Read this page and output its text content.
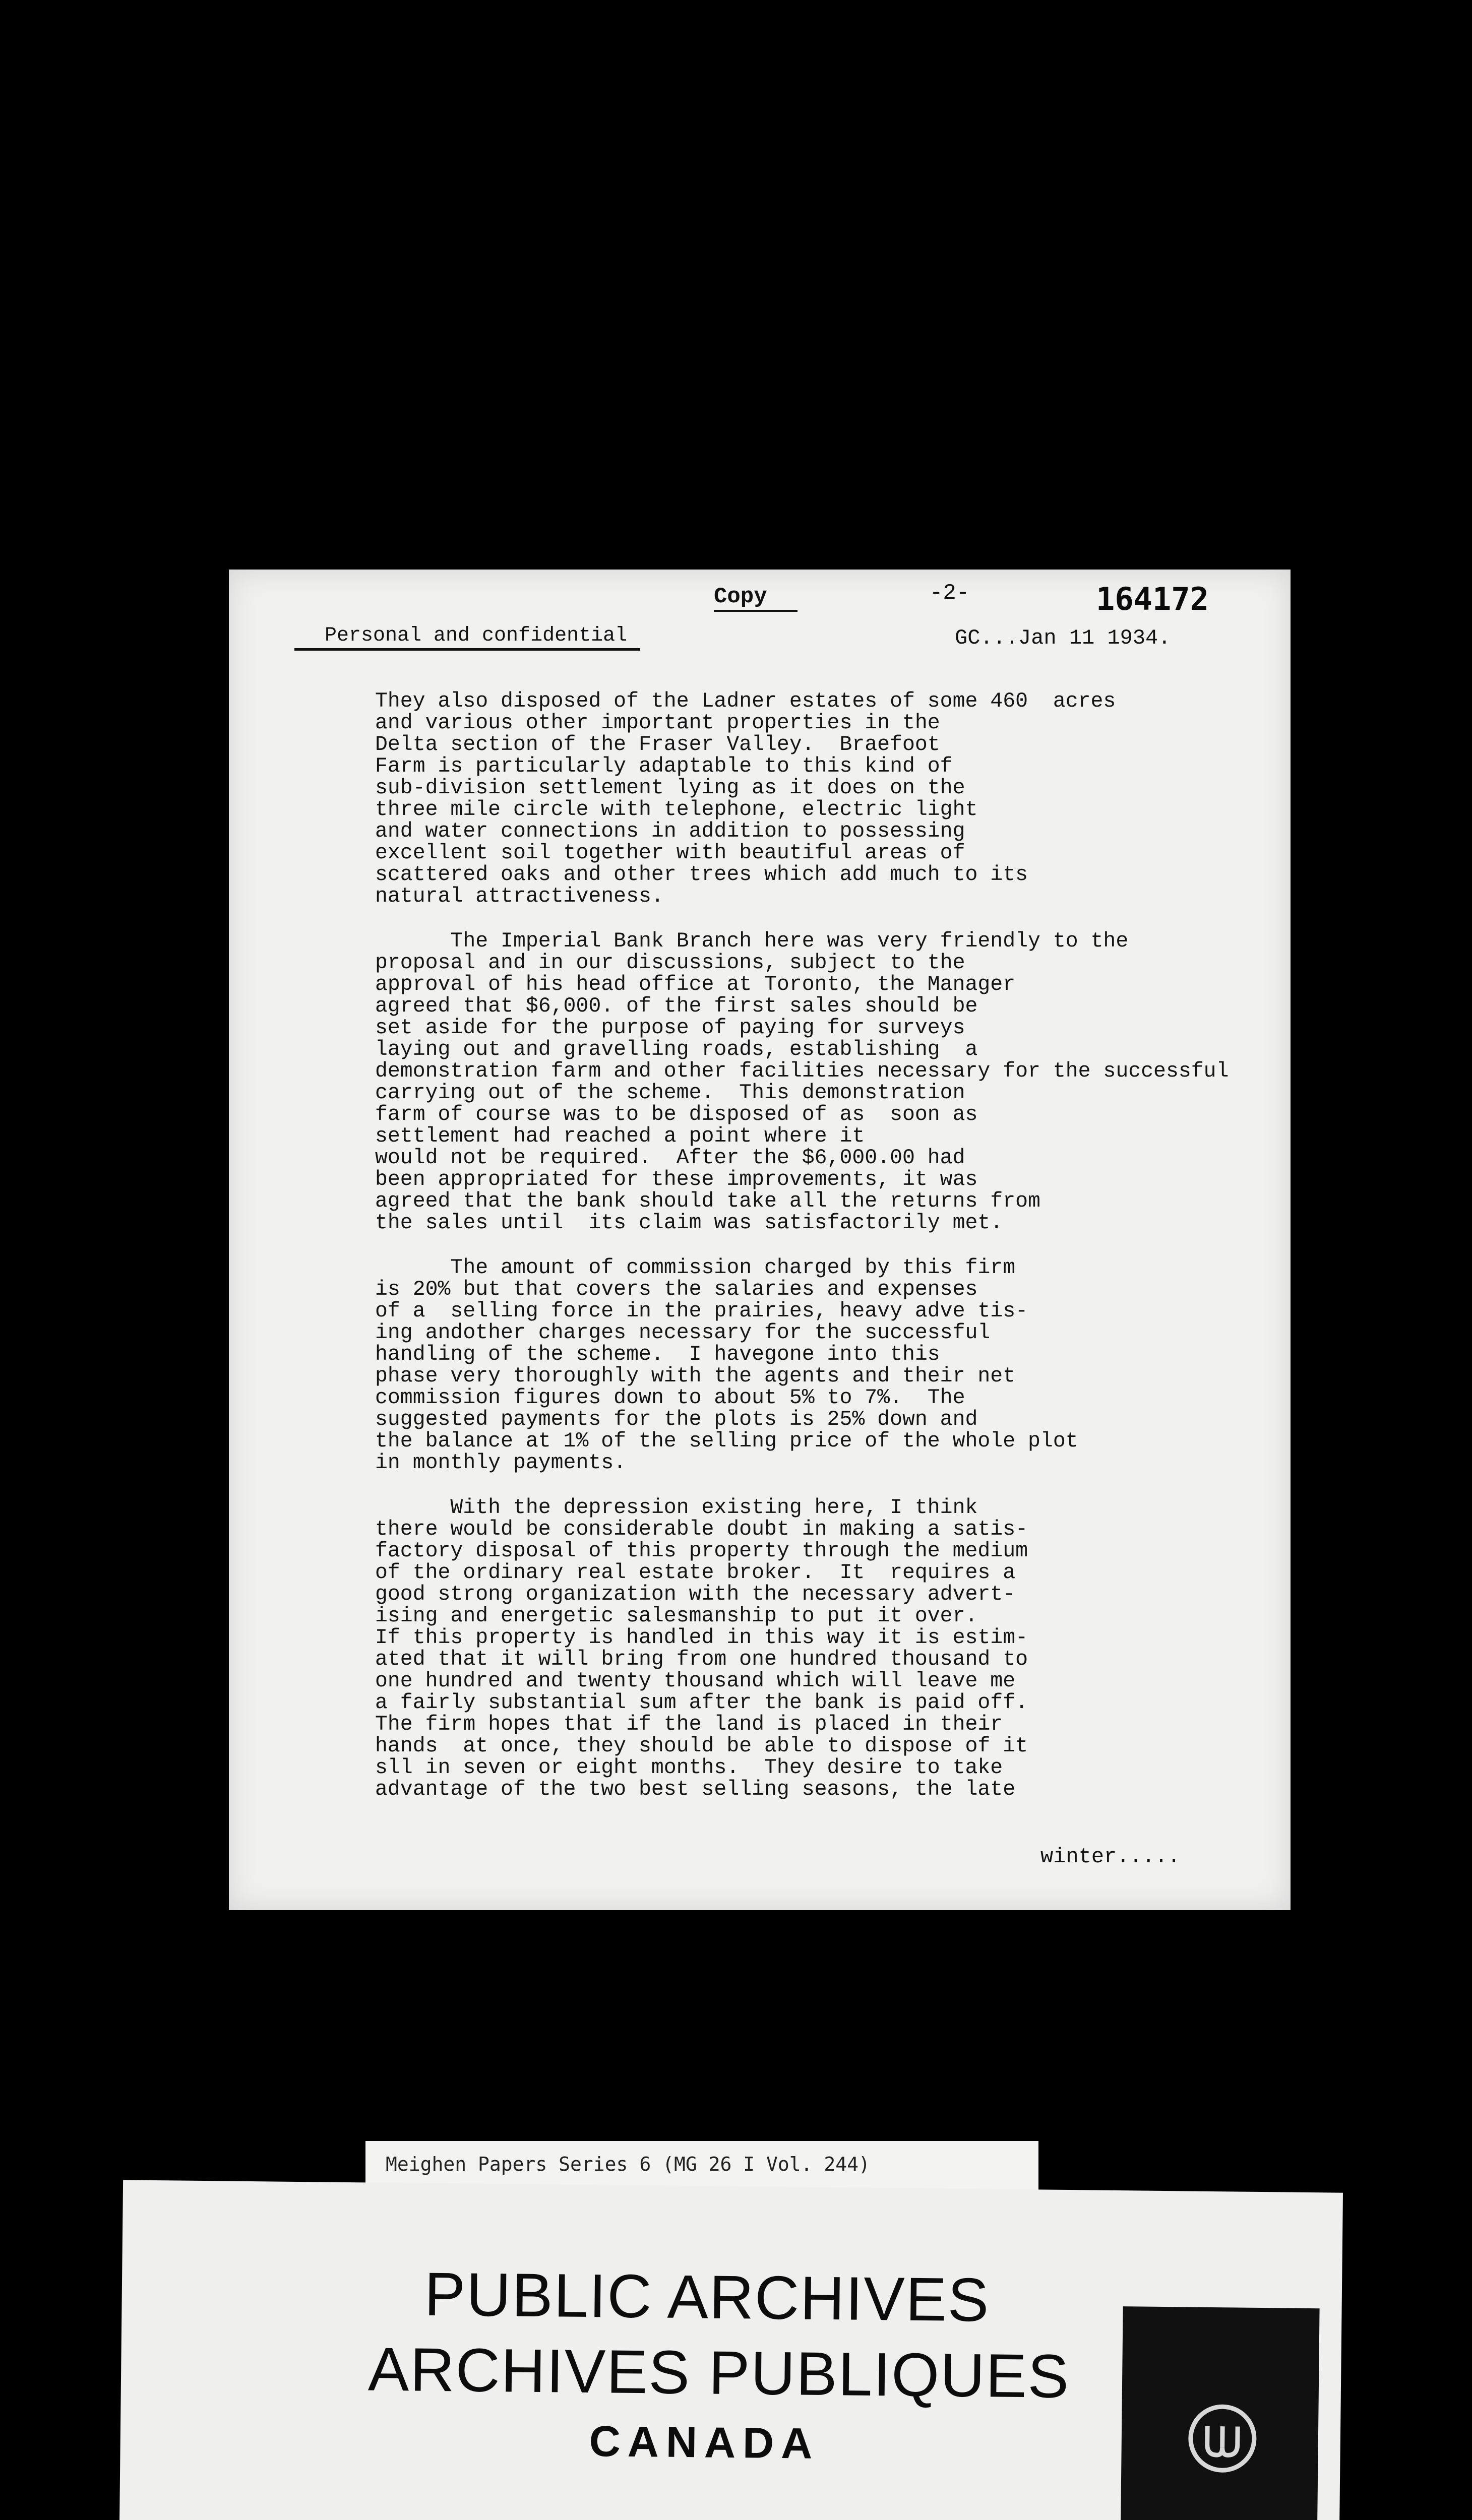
Copy	-2-	164172
Personal and confidential	GC...Jan 11 1934.
They also disposed of the Ladner estates of some 460  acres
and various other important properties in the
Delta section of the Fraser Valley.  Braefoot
Farm is particularly adaptable to this kind of
sub-division settlement lying as it does on the
three mile circle with telephone, electric light
and water connections in addition to possessing
excellent soil together with beautiful areas of
scattered oaks and other trees which add much to its
natural attractiveness.
The Imperial Bank Branch here was very friendly to the
proposal and in our discussions, subject to the
approval of his head office at Toronto, the Manager
agreed that $6,000. of the first sales should be
set aside for the purpose of paying for surveys
laying out and gravelling roads, establishing  a
demonstration farm and other facilities necessary for the successful
carrying out of the scheme.  This demonstration
farm of course was to be disposed of as  soon as
settlement had reached a point where it
would not be required.  After the $6,000.00 had
been appropriated for these improvements, it was
agreed that the bank should take all the returns from
the sales until  its claim was satisfactorily met.
The amount of commission charged by this firm
is 20% but that covers the salaries and expenses
of a  selling force in the prairies, heavy adve tis-
ing andother charges necessary for the successful
handling of the scheme.  I havegone into this
phase very thoroughly with the agents and their net
commission figures down to about 5% to 7%.  The
suggested payments for the plots is 25% down and
the balance at 1% of the selling price of the whole plot
in monthly payments.
With the depression existing here, I think
there would be considerable doubt in making a satis-
factory disposal of this property through the medium
of the ordinary real estate broker.  It  requires a
good strong organization with the necessary advert-
ising and energetic salesmanship to put it over.
If this property is handled in this way it is estim-
ated that it will bring from one hundred thousand to
one hundred and twenty thousand which will leave me
a fairly substantial sum after the bank is paid off.
The firm hopes that if the land is placed in their
hands  at once, they should be able to dispose of it
sll in seven or eight months.  They desire to take
advantage of the two best selling seasons, the late
winter.....
Meighen Papers Series 6 (MG 26 I Vol. 244)
PUBLIC ARCHIVES
ARCHIVES PUBLIQUES
CANADA
